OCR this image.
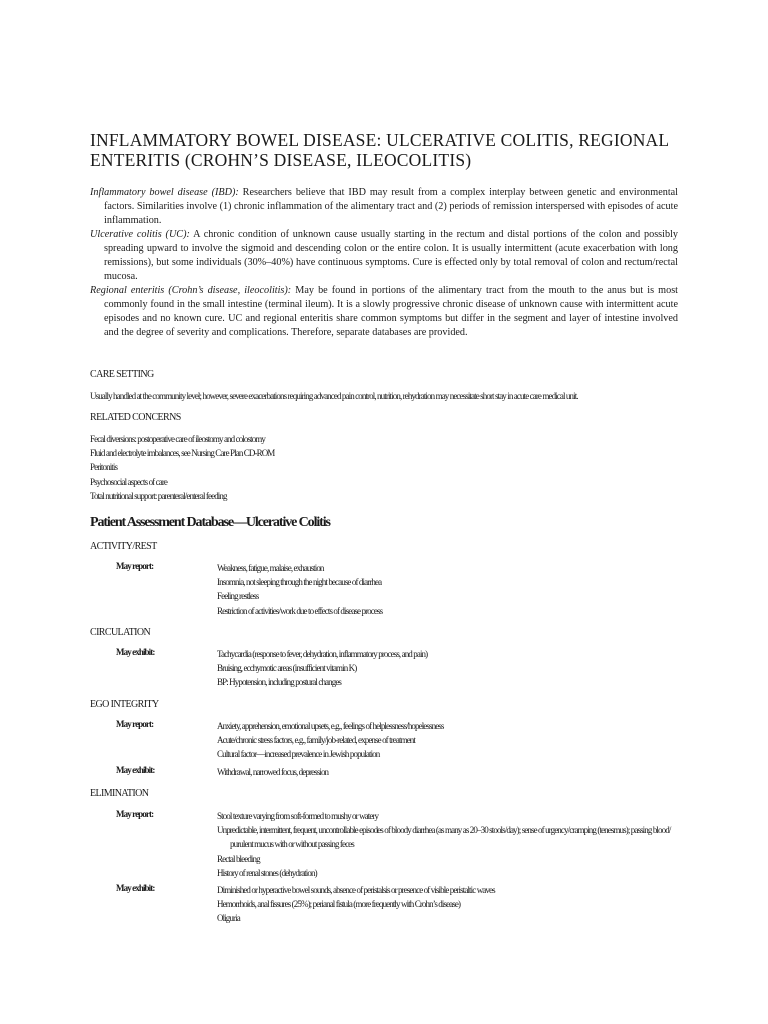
INFLAMMATORY BOWEL DISEASE: ULCERATIVE COLITIS, REGIONAL ENTERITIS (CROHN’S DISEASE, ILEOCOLITIS)

Inflammatory bowel disease (IBD): Researchers believe that IBD may result from a complex interplay between genetic and environmental factors. Similarities involve (1) chronic inflammation of the alimentary tract and (2) periods of remission interspersed with episodes of acute inflammation.

Ulcerative colitis (UC): A chronic condition of unknown cause usually starting in the rectum and distal portions of the colon and possibly spreading upward to involve the sigmoid and descending colon or the entire colon. It is usually intermittent (acute exacerbation with long remissions), but some individuals (30%–40%) have continuous symptoms. Cure is effected only by total removal of colon and rectum/rectal mucosa.

Regional enteritis (Crohn’s disease, ileocolitis): May be found in portions of the alimentary tract from the mouth to the anus but is most commonly found in the small intestine (terminal ileum). It is a slowly progressive chronic disease of unknown cause with intermittent acute episodes and no known cure. UC and regional enteritis share common symptoms but differ in the segment and layer of intestine involved and the degree of severity and complications. Therefore, separate databases are provided.

CARE SETTING

Usually handled at the community level; however, severe exacerbations requiring advanced pain control, nutrition, rehydration may necessitate short stay in acute care medical unit.

RELATED CONCERNS
Fecal diversions: postoperative care of ileostomy and colostomy
Fluid and electrolyte imbalances, see Nursing Care Plan CD-ROM
Peritonitis
Psychosocial aspects of care
Total nutritional support: parenteral/enteral feeding
Patient Assessment Database—Ulcerative Colitis
ACTIVITY/REST

May report:	Weakness, fatigue, malaise, exhaustion
Insomnia, not sleeping through the night because of diarrhea
Feeling restless
Restriction of activities/work due to effects of disease process
CIRCULATION

May exhibit:	Tachycardia (response to fever, dehydration, inflammatory process, and pain)
Bruising, ecchymotic areas (insufficient vitamin K)
BP: Hypotension, including postural changes
EGO INTEGRITY

May report:	Anxiety, apprehension, emotional upsets, e.g., feelings of helplessness/hopelessness
Acute/chronic stress factors, e.g., family/job-related, expense of treatment
Cultural factor—increased prevalence in Jewish population

May exhibit:	Withdrawal, narrowed focus, depression
ELIMINATION

May report:	Stool texture varying from soft-formed to mushy or watery
Unpredictable, intermittent, frequent, uncontrollable episodes of bloody diarrhea (as many as 20–30 stools/day); sense of urgency/cramping (tenesmus); passing blood/ purulent mucus with or without passing feces
Rectal bleeding
History of renal stones (dehydration)

May exhibit:	Diminished or hyperactive bowel sounds, absence of peristalsis or presence of visible peristaltic waves
Hemorrhoids, anal fissures (25%); perianal fistula (more frequently with Crohn’s disease)
Oliguria
